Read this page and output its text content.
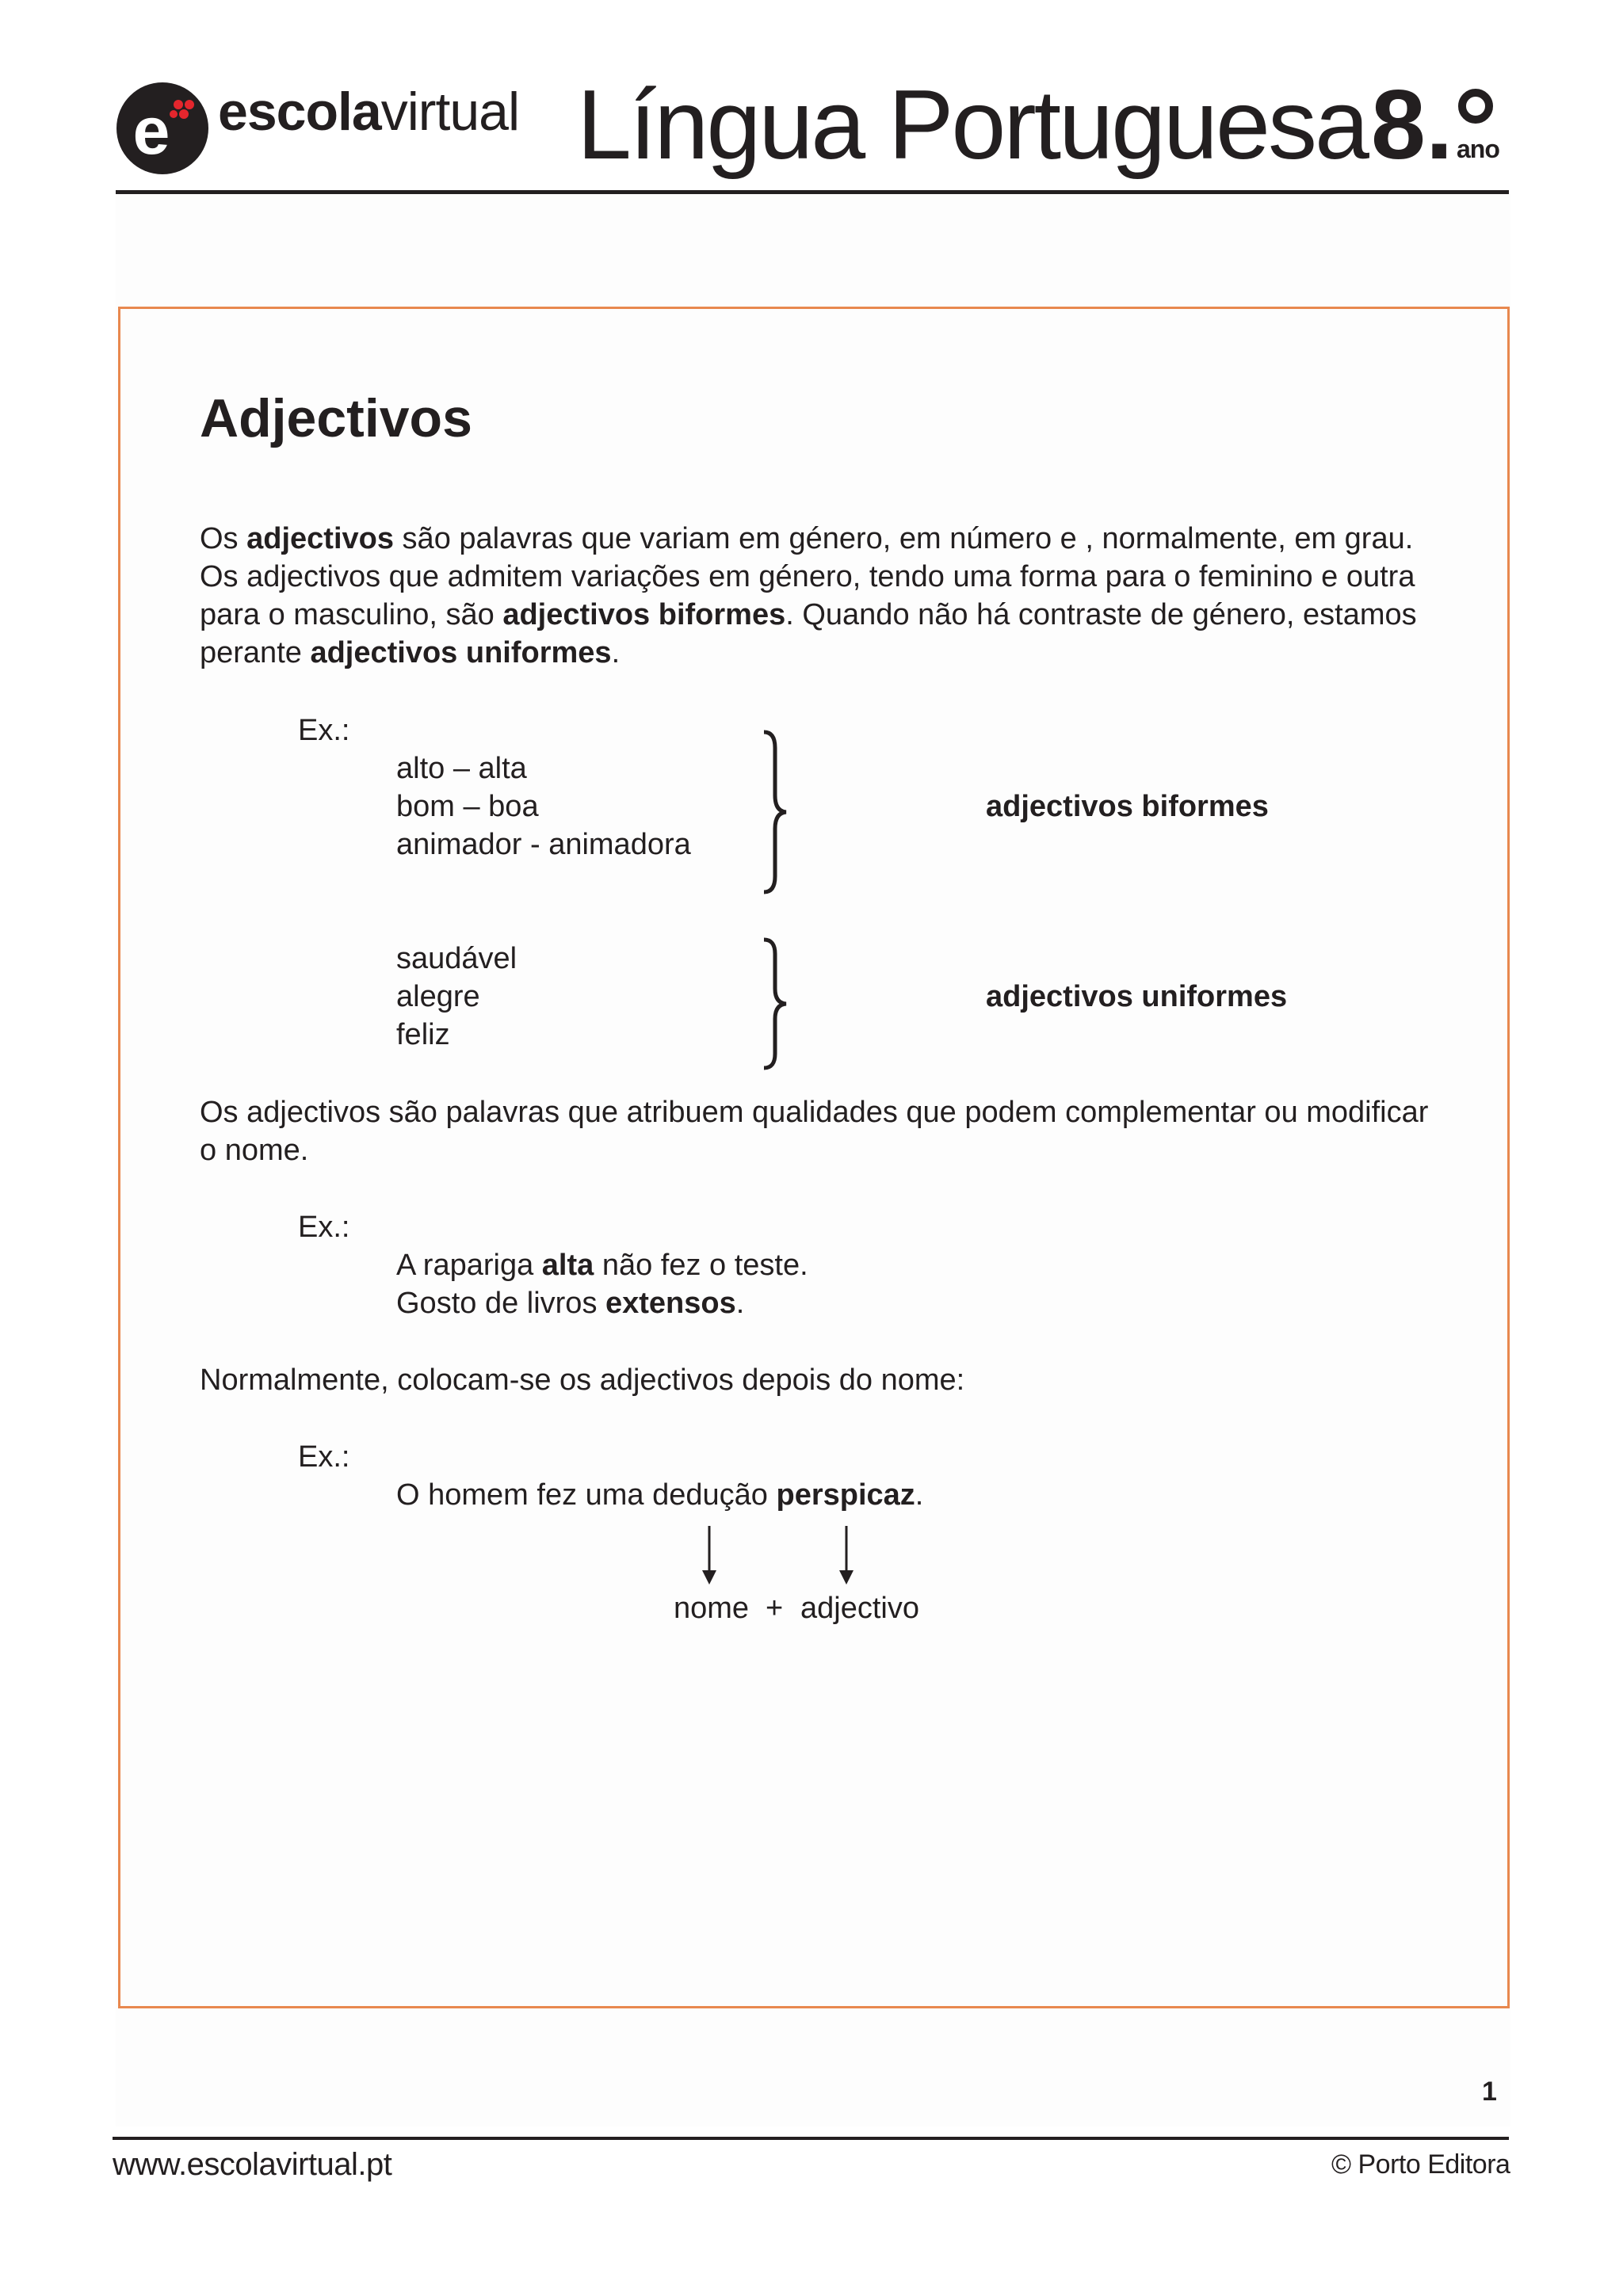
e escolavirtual Língua Portuguesa 8. ano
Adjectivos
Os adjectivos são palavras que variam em género, em número e , normalmente, em grau.
Os adjectivos que admitem variações em género, tendo uma forma para o feminino e outra
para o masculino, são adjectivos biformes. Quando não há contraste de género, estamos
perante adjectivos uniformes.
Ex.:
alto – alta
bom – boa
animador - animadora
adjectivos biformes
saudável
alegre
feliz
adjectivos uniformes
Os adjectivos são palavras que atribuem qualidades que podem complementar ou modificar
o nome.
Ex.:
A rapariga alta não fez o teste.
Gosto de livros extensos.
Normalmente, colocam-se os adjectivos depois do nome:
Ex.:
O homem fez uma dedução perspicaz.
nome + adjectivo
1
www.escolavirtual.pt	© Porto Editora
